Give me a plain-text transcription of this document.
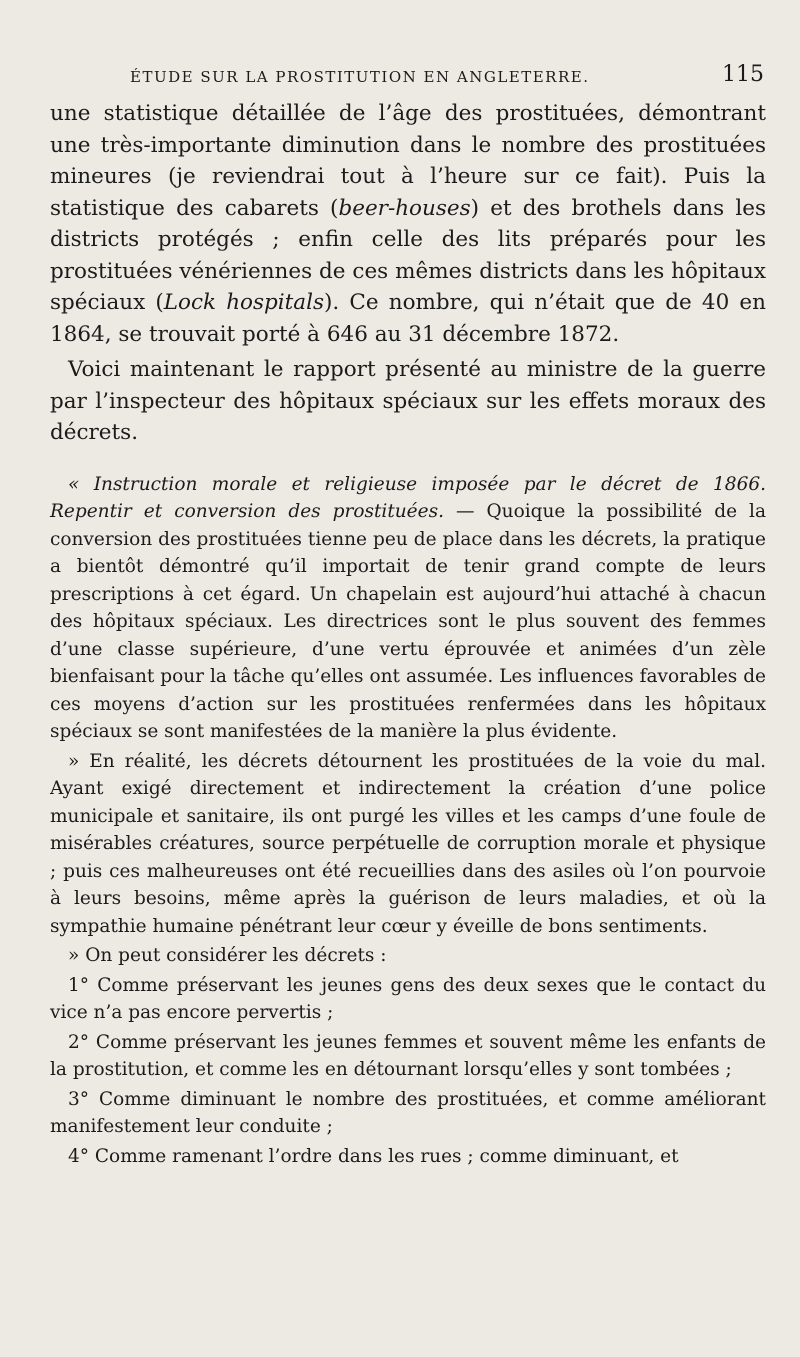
ÉTUDE SUR LA PROSTITUTION EN ANGLETERRE.	115

une statistique détaillée de l’âge des prostituées, démontrant une très-importante diminution dans le nombre des prostituées mineures (je reviendrai tout à l’heure sur ce fait). Puis la statistique des cabarets (beer-houses) et des brothels dans les districts protégés ; enfin celle des lits préparés pour les prostituées vénériennes de ces mêmes districts dans les hôpitaux spéciaux (Lock hospitals). Ce nombre, qui n’était que de 40 en 1864, se trouvait porté à 646 au 31 décembre 1872.

Voici maintenant le rapport présenté au ministre de la guerre par l’inspecteur des hôpitaux spéciaux sur les effets moraux des décrets.

« Instruction morale et religieuse imposée par le décret de 1866. Repentir et conversion des prostituées. — Quoique la possibilité de la conversion des prostituées tienne peu de place dans les décrets, la pratique a bientôt démontré qu’il importait de tenir grand compte de leurs prescriptions à cet égard. Un chapelain est aujourd’hui attaché à chacun des hôpitaux spéciaux. Les directrices sont le plus souvent des femmes d’une classe supérieure, d’une vertu éprouvée et animées d’un zèle bienfaisant pour la tâche qu’elles ont assumée. Les influences favorables de ces moyens d’action sur les prostituées renfermées dans les hôpitaux spéciaux se sont manifestées de la manière la plus évidente.

» En réalité, les décrets détournent les prostituées de la voie du mal. Ayant exigé directement et indirectement la création d’une police municipale et sanitaire, ils ont purgé les villes et les camps d’une foule de misérables créatures, source perpétuelle de corruption morale et physique ; puis ces malheureuses ont été recueillies dans des asiles où l’on pourvoie à leurs besoins, même après la guérison de leurs maladies, et où la sympathie humaine pénétrant leur cœur y éveille de bons sentiments.

» On peut considérer les décrets :

1° Comme préservant les jeunes gens des deux sexes que le contact du vice n’a pas encore pervertis ;

2° Comme préservant les jeunes femmes et souvent même les enfants de la prostitution, et comme les en détournant lorsqu’elles y sont tombées ;

3° Comme diminuant le nombre des prostituées, et comme améliorant manifestement leur conduite ;

4° Comme ramenant l’ordre dans les rues ; comme diminuant, et
